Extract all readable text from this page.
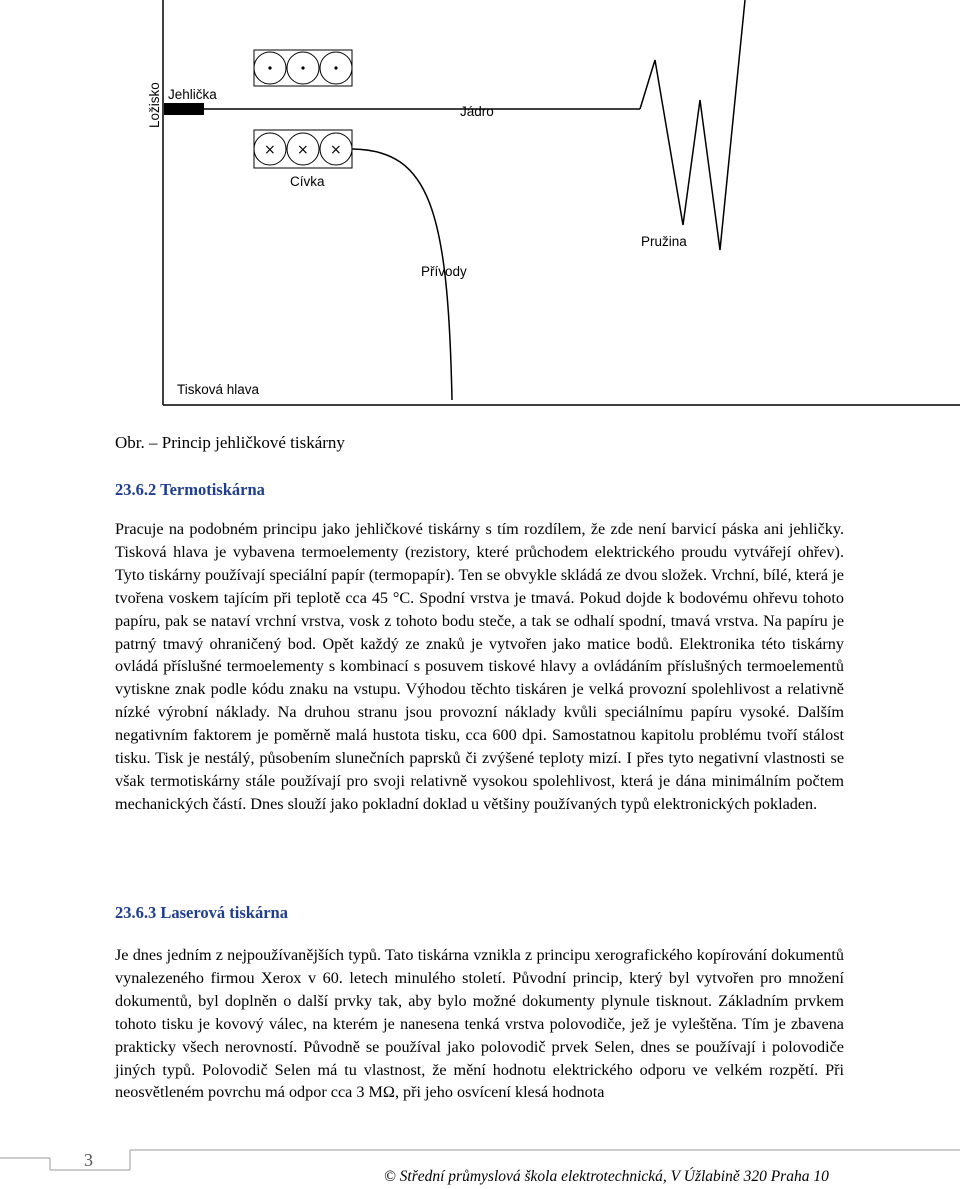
× × ×
Ložisko Jehlička
Jádro
Cívka
Pružina
Přívody
Tisková hlava
Obr. – Princip jehličkové tiskárny
23.6.2 Termotiskárna

Pracuje na podobném principu jako jehličkové tiskárny s tím rozdílem, že zde není barvicí páska ani jehličky. Tisková hlava je vybavena termoelementy (rezistory, které průchodem elektrického proudu vytvářejí ohřev). Tyto tiskárny používají speciální papír (termopapír). Ten se obvykle skládá ze dvou složek. Vrchní, bílé, která je tvořena voskem tajícím při teplotě cca 45 °C. Spodní vrstva je tmavá. Pokud dojde k bodovému ohřevu tohoto papíru, pak se nataví vrchní vrstva, vosk z tohoto bodu steče, a tak se odhalí spodní, tmavá vrstva. Na papíru je patrný tmavý ohraničený bod. Opět každý ze znaků je vytvořen jako matice bodů. Elektronika této tiskárny ovládá příslušné termoelementy s kombinací s posuvem tiskové hlavy a ovládáním příslušných termoelementů vytiskne znak podle kódu znaku na vstupu. Výhodou těchto tiskáren je velká provozní spolehlivost a relativně nízké výrobní náklady. Na druhou stranu jsou provozní náklady kvůli speciálnímu papíru vysoké. Dalším negativním faktorem je poměrně malá hustota tisku, cca 600 dpi. Samostatnou kapitolu problému tvoří stálost tisku. Tisk je nestálý, působením slunečních paprsků či zvýšené teploty mizí. I přes tyto negativní vlastnosti se však termotiskárny stále používají pro svoji relativně vysokou spolehlivost, která je dána minimálním počtem mechanických částí. Dnes slouží jako pokladní doklad u většiny používaných typů elektronických pokladen.

23.6.3 Laserová tiskárna

Je dnes jedním z nejpoužívanějších typů. Tato tiskárna vznikla z principu xerografického kopírování dokumentů vynalezeného firmou Xerox v 60. letech minulého století. Původní princip, který byl vytvořen pro množení dokumentů, byl doplněn o další prvky tak, aby bylo možné dokumenty plynule tisknout. Základním prvkem tohoto tisku je kovový válec, na kterém je nanesena tenká vrstva polovodiče, jež je vyleštěna. Tím je zbavena prakticky všech nerovností. Původně se používal jako polovodič prvek Selen, dnes se používají i polovodiče jiných typů. Polovodič Selen má tu vlastnost, že mění hodnotu elektrického odporu ve velkém rozpětí. Při neosvětleném povrchu má odpor cca 3 MΩ, při jeho osvícení klesá hodnota

3
© Střední průmyslová škola elektrotechnická, V Úžlabině 320 Praha 10
